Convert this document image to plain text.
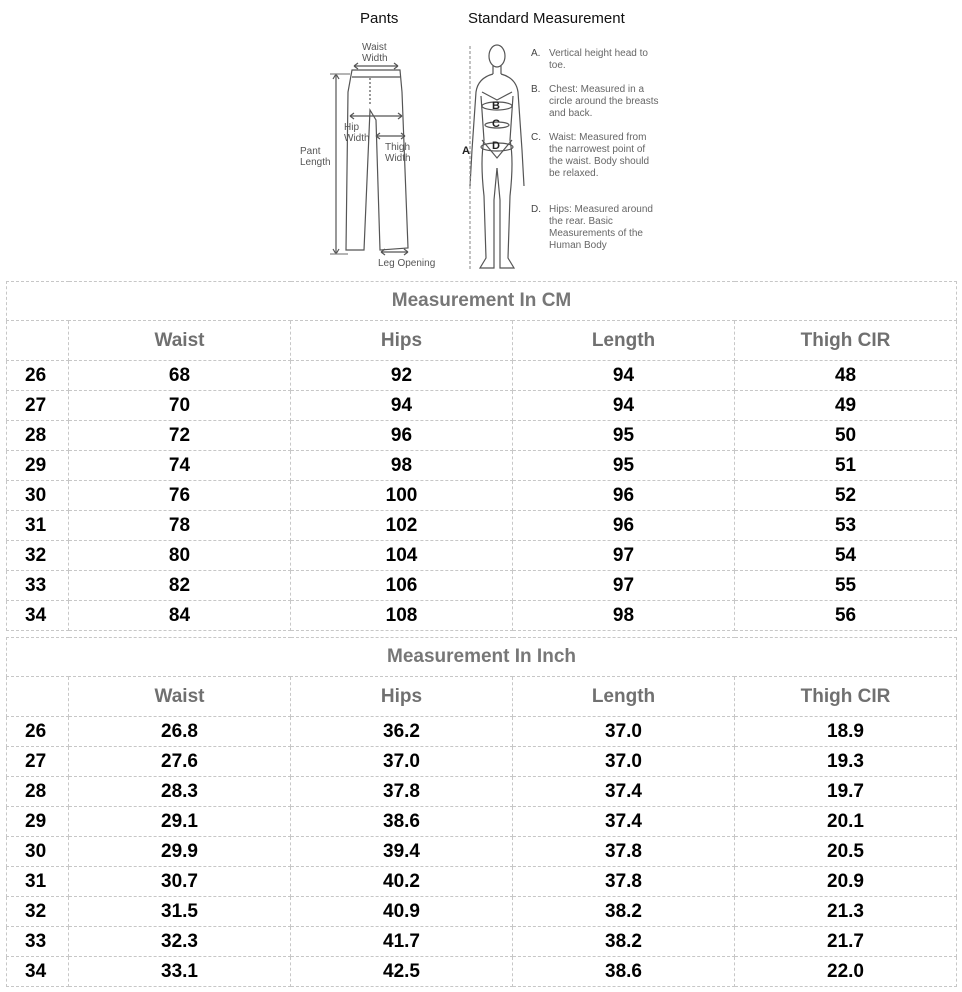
Pants	Standard Measurement
Waist
Width
Hip
Width
Thigh
Width
Pant
Length
Leg Opening
A
B
C
D
A. Vertical height head to toe.
B. Chest: Measured in a circle around the breasts and back.
C. Waist: Measured from the narrowest point of the waist. Body should be relaxed.
D. Hips: Measured around the rear. Basic Measurements of the Human Body
Measurement In CM				
	Waist	Hips	Length	Thigh CIR
26	68	92	94	48
27	70	94	94	49
28	72	96	95	50
29	74	98	95	51
30	76	100	96	52
31	78	102	96	53
32	80	104	97	54
33	82	106	97	55
34	84	108	98	56
Measurement In Inch				
	Waist	Hips	Length	Thigh CIR
26	26.8	36.2	37.0	18.9
27	27.6	37.0	37.0	19.3
28	28.3	37.8	37.4	19.7
29	29.1	38.6	37.4	20.1
30	29.9	39.4	37.8	20.5
31	30.7	40.2	37.8	20.9
32	31.5	40.9	38.2	21.3
33	32.3	41.7	38.2	21.7
34	33.1	42.5	38.6	22.0
